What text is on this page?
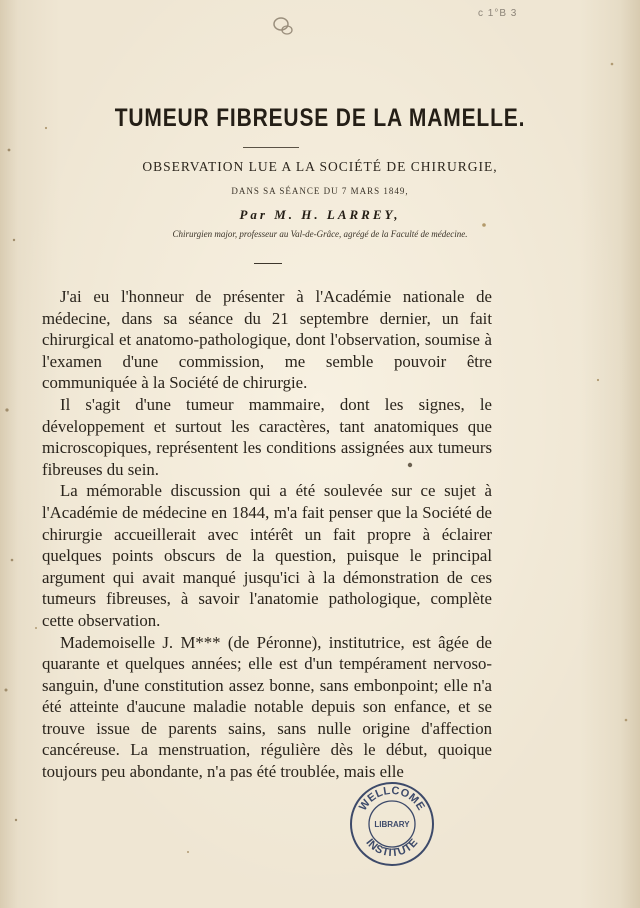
c 1°B 3
TUMEUR FIBREUSE DE LA MAMELLE.
OBSERVATION LUE A LA SOCIÉTÉ DE CHIRURGIE,
DANS SA SÉANCE DU 7 MARS 1849,
Par M. H. LARREY,
Chirurgien major, professeur au Val-de-Grâce, agrégé de la Faculté de médecine.

J'ai eu l'honneur de présenter à l'Académie nationale de médecine, dans sa séance du 21 septembre dernier, un fait chirurgical et anatomo-pathologique, dont l'observation, soumise à l'examen d'une commission, me semble pouvoir être communiquée à la Société de chirurgie.

Il s'agit d'une tumeur mammaire, dont les signes, le développement et surtout les caractères, tant anatomiques que microscopiques, représentent les conditions assignées aux tumeurs fibreuses du sein.

La mémorable discussion qui a été soulevée sur ce sujet à l'Académie de médecine en 1844, m'a fait penser que la Société de chirurgie accueillerait avec intérêt un fait propre à éclairer quelques points obscurs de la question, puisque le principal argument qui avait manqué jusqu'ici à la démonstration de ces tumeurs fibreuses, à savoir l'anatomie pathologique, complète cette observation.

Mademoiselle J. M*** (de Péronne), institutrice, est âgée de quarante et quelques années; elle est d'un tempérament nervoso-sanguin, d'une constitution assez bonne, sans embonpoint; elle n'a été atteinte d'aucune maladie notable depuis son enfance, et se trouve issue de parents sains, sans nulle origine d'affection cancéreuse. La menstruation, régulière dès le début, quoique toujours peu abondante, n'a pas été troublée, mais elle

WELLCOME
LIBRARY
INSTITUTE
